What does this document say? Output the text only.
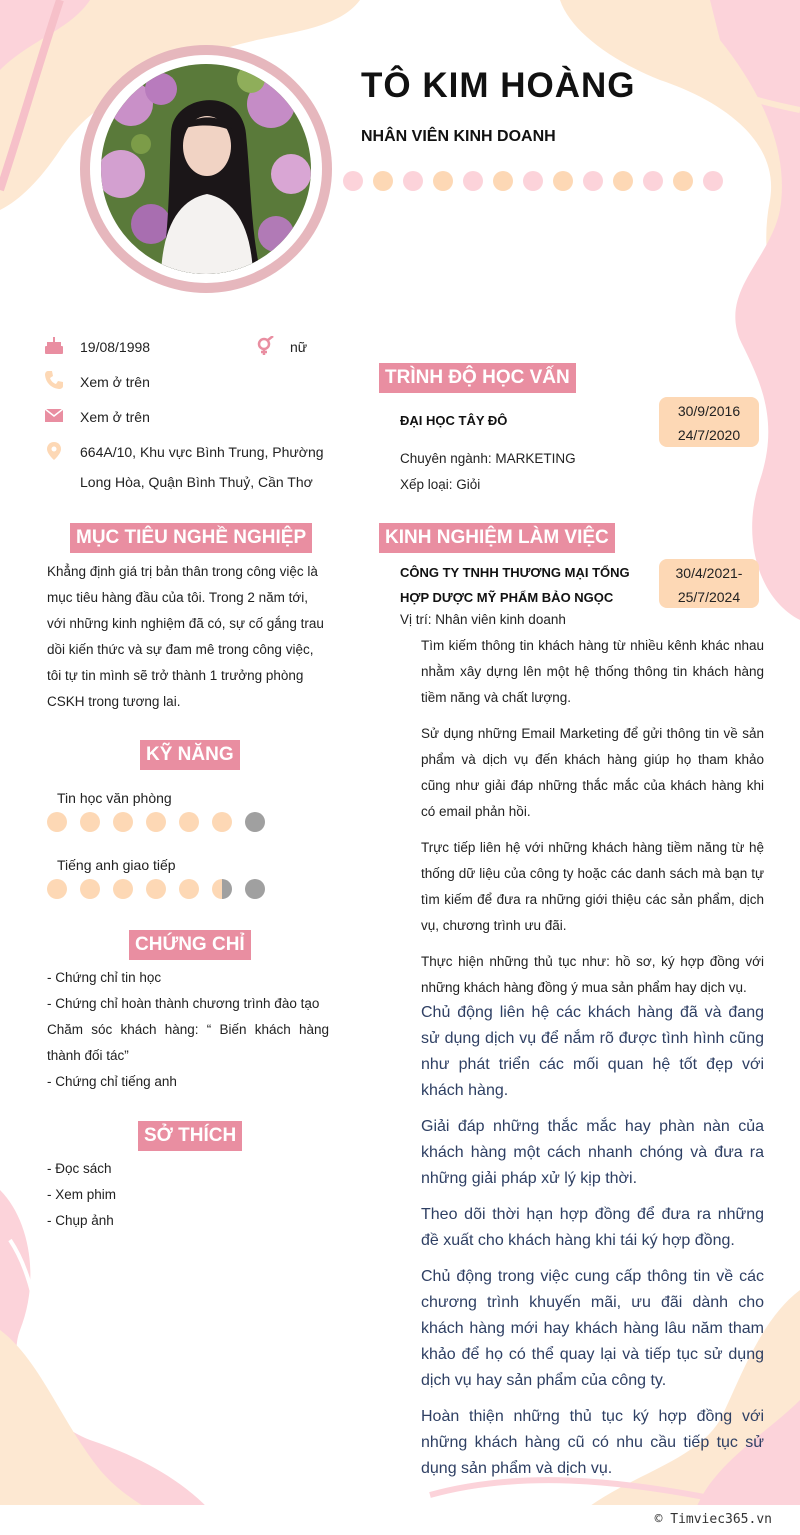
TÔ KIM HOÀNG
NHÂN VIÊN KINH DOANH
19/08/1998	nữ
Xem ở trên
Xem ở trên
664A/10, Khu vực Bình Trung, Phường
Long Hòa, Quận Bình Thuỷ, Cần Thơ
MỤC TIÊU NGHỀ NGHIỆP
Khẳng định giá trị bản thân trong công việc là
mục tiêu hàng đầu của tôi. Trong 2 năm tới,
với những kinh nghiệm đã có, sự cố gắng trau
dồi kiến thức và sự đam mê trong công việc,
tôi tự tin mình sẽ trở thành 1 trưởng phòng
CSKH trong tương lai.
KỸ NĂNG
Tin học văn phòng
Tiếng anh giao tiếp
CHỨNG CHỈ
- Chứng chỉ tin học
- Chứng chỉ hoàn thành chương trình đào tạo
Chăm sóc khách hàng: “ Biến khách hàng
thành đối tác”
- Chứng chỉ tiếng anh
SỞ THÍCH
- Đọc sách
- Xem phim
- Chụp ảnh
TRÌNH ĐỘ HỌC VẤN
ĐẠI HỌC TÂY ĐÔ
30/9/2016
24/7/2020
Chuyên ngành: MARKETING
Xếp loại: Giỏi
KINH NGHIỆM LÀM VIỆC
CÔNG TY TNHH THƯƠNG MẠI TỔNG
HỢP DƯỢC MỸ PHẨM BẢO NGỌC
30/4/2021-
25/7/2024
Vị trí: Nhân viên kinh doanh
Tìm kiếm thông tin khách hàng từ nhiều kênh khác nhau nhằm xây dựng lên một hệ thống thông tin khách hàng tiềm năng và chất lượng.
Sử dụng những Email Marketing để gửi thông tin về sản phẩm và dịch vụ đến khách hàng giúp họ tham khảo cũng như giải đáp những thắc mắc của khách hàng khi có email phản hồi.
Trực tiếp liên hệ với những khách hàng tiềm năng từ hệ thống dữ liệu của công ty hoặc các danh sách mà bạn tự tìm kiếm để đưa ra những giới thiệu các sản phẩm, dịch vụ, chương trình ưu đãi.
Thực hiện những thủ tục như: hồ sơ, ký hợp đồng với những khách hàng đồng ý mua sản phẩm hay dịch vụ.
Chủ động liên hệ các khách hàng đã và đang sử dụng dịch vụ để nắm rõ được tình hình cũng như phát triển các mối quan hệ tốt đẹp với khách hàng.
Giải đáp những thắc mắc hay phàn nàn của khách hàng một cách nhanh chóng và đưa ra những giải pháp xử lý kịp thời.
Theo dõi thời hạn hợp đồng để đưa ra những đề xuất cho khách hàng khi tái ký hợp đồng.
Chủ động trong việc cung cấp thông tin về các chương trình khuyến mãi, ưu đãi dành cho khách hàng mới hay khách hàng lâu năm tham khảo để họ có thể quay lại và tiếp tục sử dụng dịch vụ hay sản phẩm của công ty.
Hoàn thiện những thủ tục ký hợp đồng với những khách hàng cũ có nhu cầu tiếp tục sử dụng sản phẩm và dịch vụ.
© Timviec365.vn
